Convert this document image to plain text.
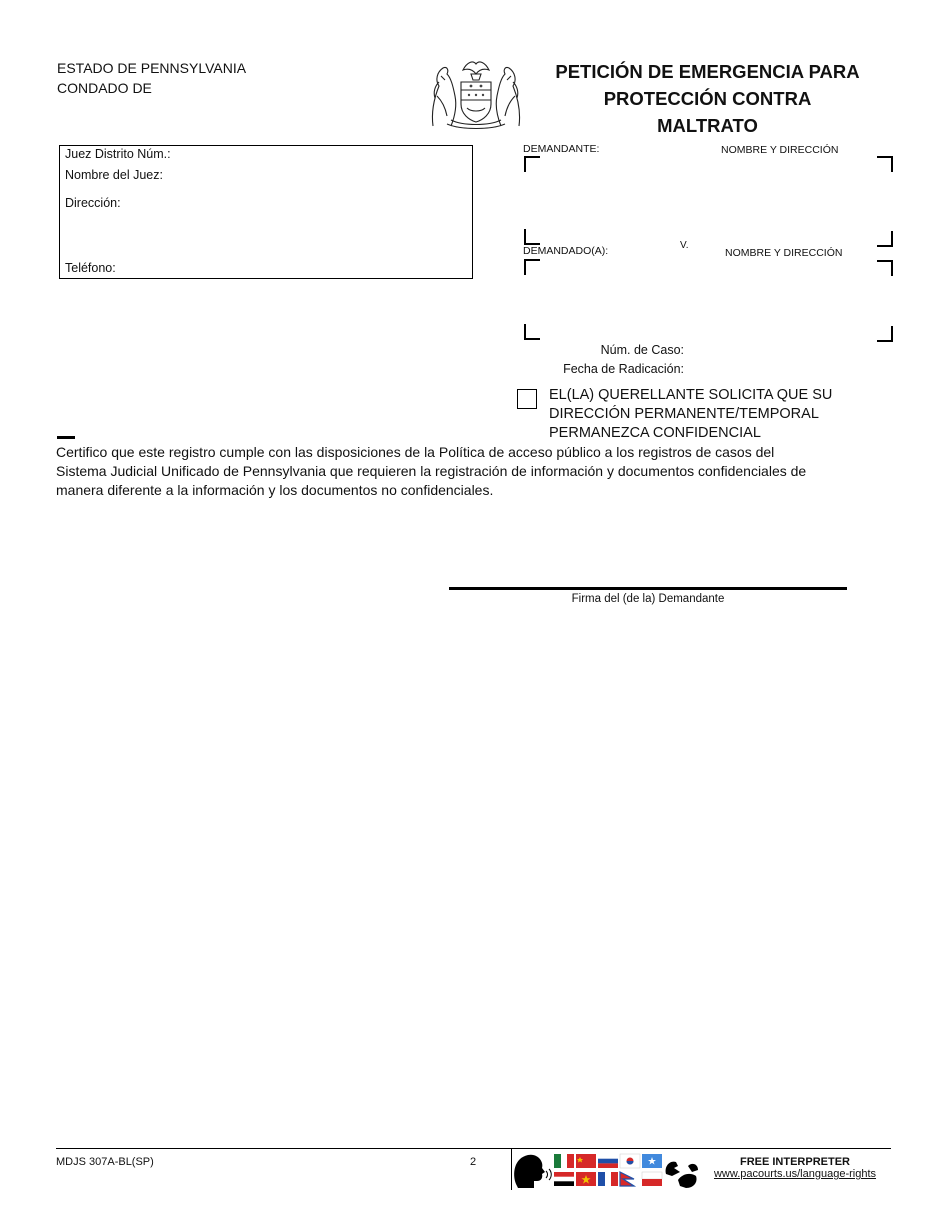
ESTADO DE PENNSYLVANIA
CONDADO DE
PETICIÓN DE EMERGENCIA PARA
PROTECCIÓN CONTRA
MALTRATO
Juez Distrito Núm.:
Nombre del Juez:
Dirección:
Teléfono:
DEMANDANTE:	NOMBRE Y DIRECCIÓN
V.
DEMANDADO(A):	NOMBRE Y DIRECCIÓN
Núm. de Caso:
Fecha de Radicación:
EL(LA) QUERELLANTE SOLICITA QUE SU
DIRECCIÓN PERMANENTE/TEMPORAL
PERMANEZCA CONFIDENCIAL
Certifico que este registro cumple con las disposiciones de la Política de acceso público a los registros de casos del
Sistema Judicial Unificado de Pennsylvania que requieren la registración de información y documentos confidenciales de
manera diferente a la información y los documentos no confidenciales.
Firma del (de la) Demandante
MDJS 307A-BL(SP)	2	FREE INTERPRETER
www.pacourts.us/language-rights
